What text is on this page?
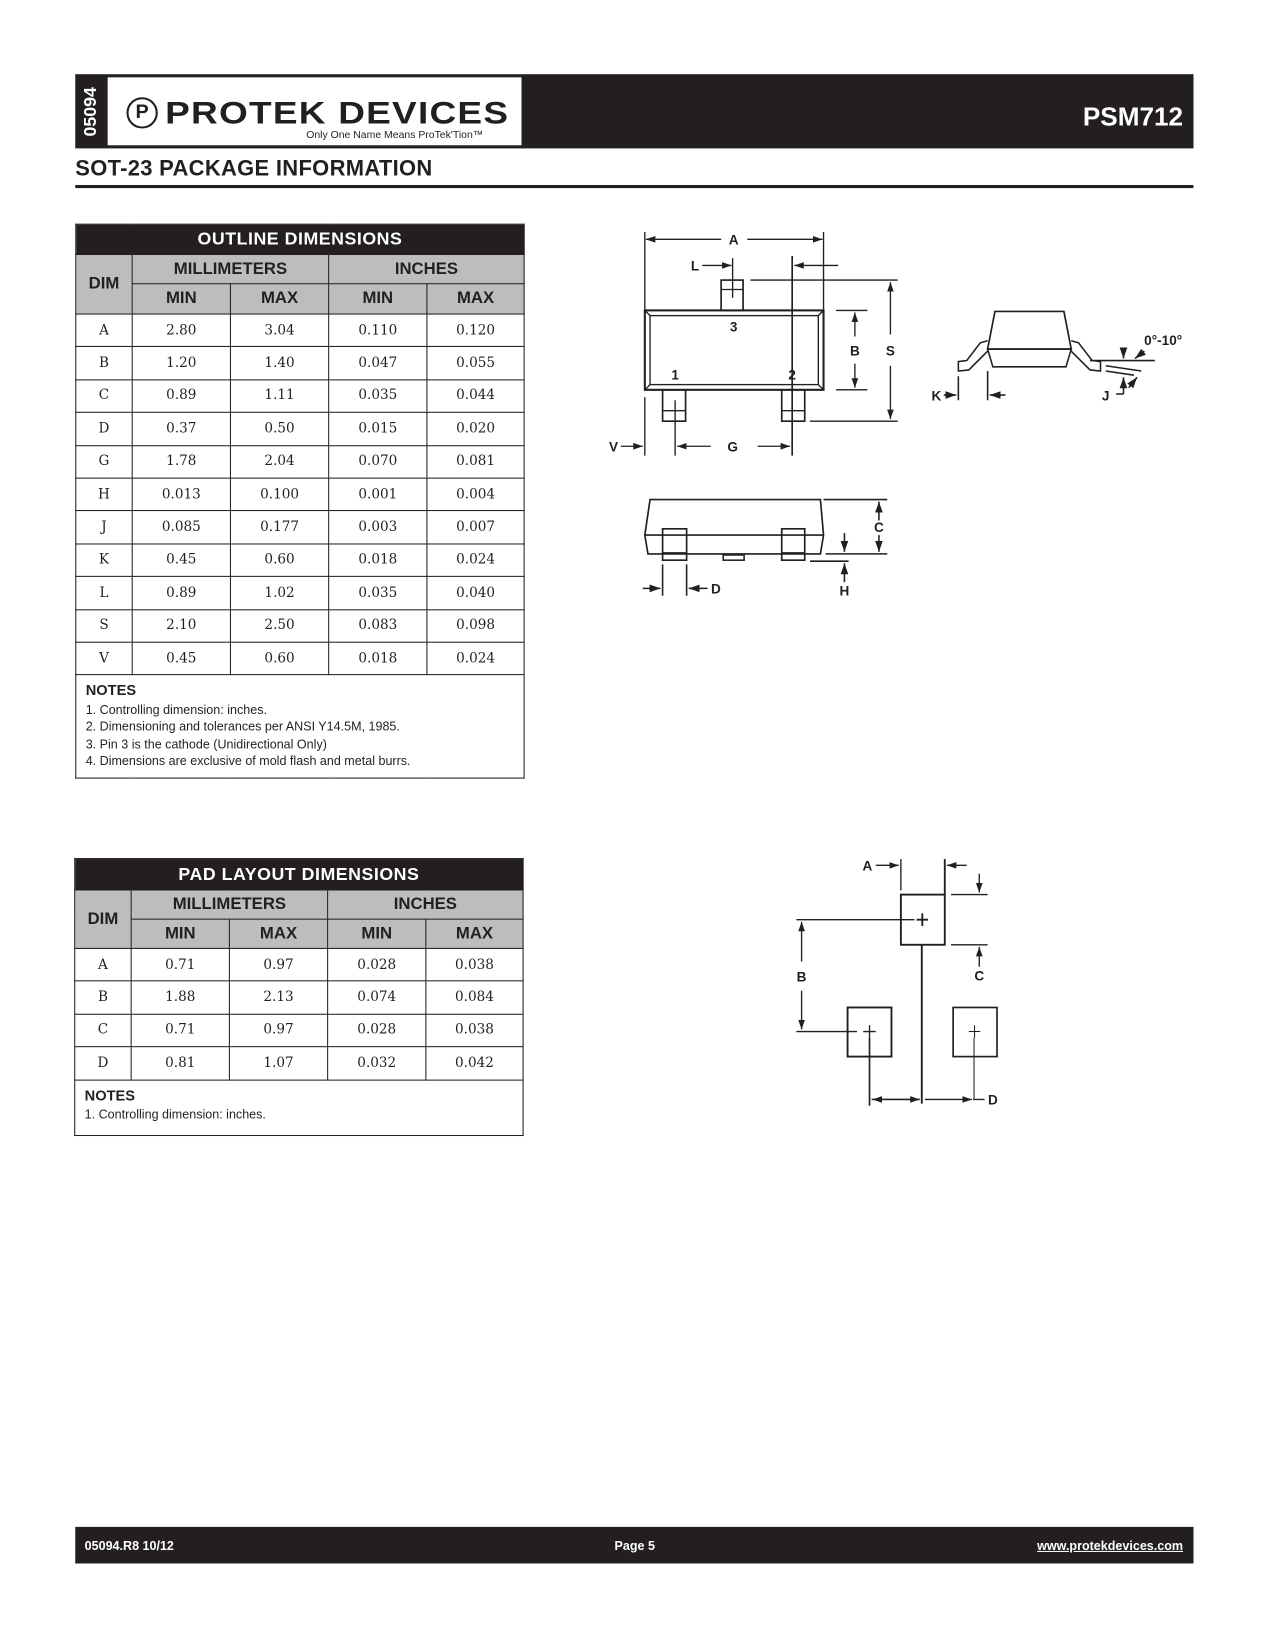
05094	P PROTEK DEVICES
Only One Name Means ProTek'Tion™
PSM712
SOT-23 PACKAGE INFORMATION
OUTLINE DIMENSIONS				
DIM	MILLIMETERS		INCHES	
	MIN	MAX	MIN	MAX
A	2.80	3.04	0.110	0.120
B	1.20	1.40	0.047	0.055
C	0.89	1.11	0.035	0.044
D	0.37	0.50	0.015	0.020
G	1.78	2.04	0.070	0.081
H	0.013	0.100	0.001	0.004
J	0.085	0.177	0.003	0.007
K	0.45	0.60	0.018	0.024
L	0.89	1.02	0.035	0.040
S	2.10	2.50	0.083	0.098
V	0.45	0.60	0.018	0.024

NOTES
1. Controlling dimension: inches.
2. Dimensioning and tolerances per ANSI Y14.5M, 1985.
3. Pin 3 is the cathode (Unidirectional Only)
4. Dimensions are exclusive of mold flash and metal burrs.				
PAD LAYOUT DIMENSIONS				
DIM	MILLIMETERS		INCHES	
	MIN	MAX	MIN	MAX
A	0.71	0.97	0.028	0.038
B	1.88	2.13	0.074	0.084
C	0.71	0.97	0.028	0.038
D	0.81	1.07	0.032	0.042

NOTES
1. Controlling dimension: inches.				
A
L
3
1	2
B S
V	G
0°-10°
K	J
C
H
D
A
B	C
D
05094.R8 10/12	Page 5	www.protekdevices.com
